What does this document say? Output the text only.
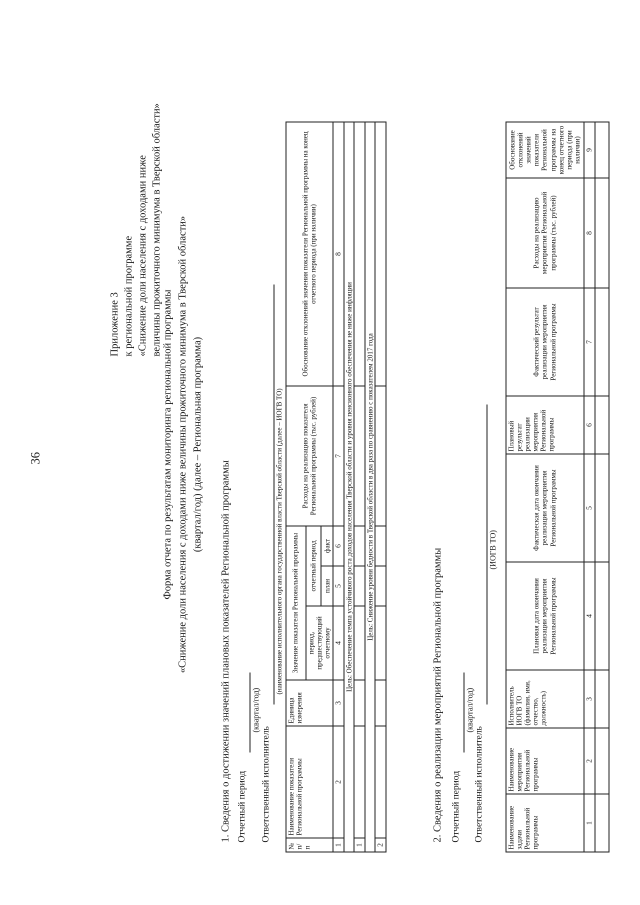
36
Приложение 3 к региональной программе «Снижение доли населения с доходами ниже величины прожиточного минимума в Тверской области»
Форма отчета по результатам мониторинга региональной программы «Снижение доли населения с доходами ниже величины прожиточного минимума в Тверской области» (квартал/год) (далее – Региональная программа)
1. Сведения о достижении значений плановых показателей Региональной программы Отчетный период
(квартал/год)
Ответственный исполнитель
(наименование исполнительного органа государственной власти Тверской области (далее – ИОГВ ТО)
№ п/п	Наименование показателя Региональной программы	Единица измерения	Значение показателя Региональной программы			Расходы на реализацию показателя Региональной программы (тыс. рублей)	Обоснование отклонений значения показателя Региональной программы на конец отчетного периода (при наличии)
			период, предшествующий отчетному	отчетный период			
				план	факт		
1	2	3	4	5	6	7	8
Цель: Обеспечение темпа устойчивого роста доходов населения Тверской области и уровня пенсионного обеспечения не ниже инфляции							
1							
Цель: Снижение уровня бедности в Тверской области в два раза по сравнению с показателем 2017 года							
2							
2. Сведения о реализации мероприятий Региональной программы Отчетный период
(квартал/год)
Ответственный исполнитель
(ИОГВ ТО)
Наименование задачи Региональной программы	Наименование мероприятия Региональной программы	Исполнитель ИОГВ ТО (фамилия, имя, отчество, должность)	Плановая дата окончания реализации мероприятия Региональной программы	Фактическая дата окончания реализации мероприятия Региональной программы	Плановый результат реализации мероприятия Региональной программы	Фактический результат реализации мероприятия Региональной программы	Расходы на реализацию мероприятия Региональной программы (тыс. рублей)	Обоснование отклонений значений показателя Региональной программы на конец отчетного периода (при наличии)
1	2	3	4	5	6	7	8	9
